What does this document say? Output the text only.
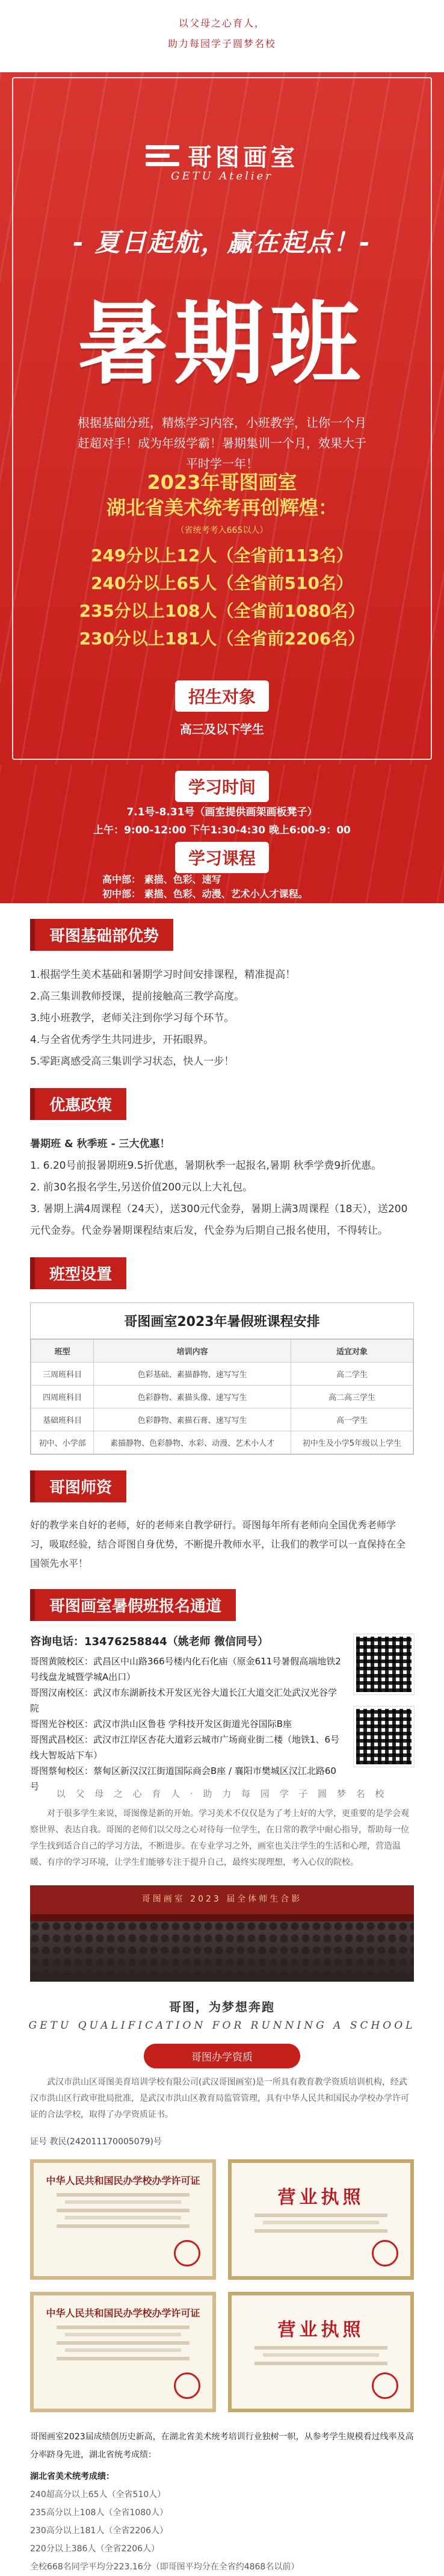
以父母之心育人，
助力每园学子圆梦名校
哥图画室
GETU Atelier
- 夏日起航，赢在起点！-
暑期班
根据基础分班，精炼学习内容，小班教学，让你一个月赶超对手！成为年级学霸！暑期集训一个月，效果大于平时学一年！
2023年哥图画室
湖北省美术统考再创辉煌：
（省统考考入665以人）
249分以上12人（全省前113名）
240分以上65人（全省前510名）
235分以上108人（全省前1080名）
230分以上181人（全省前2206名）
招生对象
高三及以下学生
学习时间
7.1号-8.31号（画室提供画架画板凳子）
上午：9:00-12:00 下午1:30-4:30 晚上6:00-9：00
学习课程
高中部： 素描、色彩、速写
初中部： 素描、色彩、动漫、艺术小人才课程。
哥图基础部优势
1.根据学生美术基础和暑期学习时间安排课程，精准提高！
2.高三集训教师授课，提前接触高三教学高度。
3.纯小班教学，老师关注到你学习每个环节。
4.与全省优秀学生共同进步，开拓眼界。
5.零距离感受高三集训学习状态，快人一步！
优惠政策
暑期班 & 秋季班 - 三大优惠！
1. 6.20号前报暑期班9.5折优惠，暑期秋季一起报名,暑期 秋季学费9折优惠。
2. 前30名报名学生,另送价值200元以上大礼包。
3. 暑期上满4周课程（24天），送300元代金券，暑期上满3周课程（18天），送200元代金券。代金券暑期课程结束后发，代金券为后期自己报名使用，不得转让。
班型设置
哥图画室2023年暑假班课程安排
班型	培训内容	适宜对象
三周班科目	色彩基础、素描静物、速写写生	高二学生
四周班科目	色彩静物、素描头像、速写写生	高二高三学生
基础班科目	色彩静物、素描石膏、速写写生	高一学生
初中、小学部	素描静物、色彩静物、水彩、动漫、艺术小人才	初中生及小学5年级以上学生
哥图师资
好的教学来自好的老师，好的老师来自教学研行。哥图每年所有老师向全国优秀老师学习，吸取经验，结合哥图自身优势，不断提升教师水平，让我们的教学可以一直保持在全国领先水平！
哥图画室暑假班报名通道
咨询电话：13476258844（姚老师 微信同号）
哥图黄陂校区：武昌区中山路366号楼内化石化庙（原金611号暑假高端地铁2号线盘龙城暨学城A出口）
哥图汉南校区：武汉市东湖新技术开发区光谷大道长江大道交汇处武汉光谷学院
哥图光谷校区：武汉市洪山区鲁巷 学科技开发区街道光谷国际B座
哥图武昌校区：武汉市江岸区杏花大道彩云城市广场商业街二楼（地铁1、6号线大智坂站下车）
哥图蔡甸校区：蔡甸区新汉汉江街道国际商会B座 / 襄阳市樊城区汉江北路60号
以 父 母 之 心 育 人 · 助 力 每 园 学 子 圆 梦 名 校
对于很多学生来说，哥图像是新的开始。学习美术不仅仅是为了考上好的大学，更重要的是学会观察世界、表达自我。哥图的老师们以父母之心对待每一位学生，在日常的教学中耐心指导，帮助每一位学生找到适合自己的学习方法，不断进步。在专业学习之外，画室也关注学生的生活和心理，营造温暖、有序的学习环境，让学生们能够专注于提升自己，最终实现理想，考入心仪的院校。
哥图画室 2023 届全体师生合影
哥图，为梦想奔跑
GETU QUALIFICATION FOR RUNNING A SCHOOL
哥图办学资质
武汉市洪山区哥图美育培训学校有限公司(武汉哥图画室)是一所具有教育教学资质培训机构，经武汉市洪山区行政审批局批准，是武汉市洪山区教育局监管管理，具有中华人民共和国民办学校办学许可证的合法学校，取得了办学资质证书。
证号 教民(242011170005079)号
中华人民共和国民办学校办学许可证
营业执照
中华人民共和国民办学校办学许可证
营业执照
哥图画室2023届成绩创历史新高，在湖北省美术统考培训行业独树一帜，从参考学生规模看过线率及高分率跻身先进，湖北省统考成绩：
湖北省美术统考成绩：
240超高分以上65人（全省510人）
235高分以上108人（全省1080人）
230高分以上181人（全省2206人）
220分以上386人（全省2206人）
全校668名同学平均分223.16分（即哥图平均分在全省约4868名以前）
